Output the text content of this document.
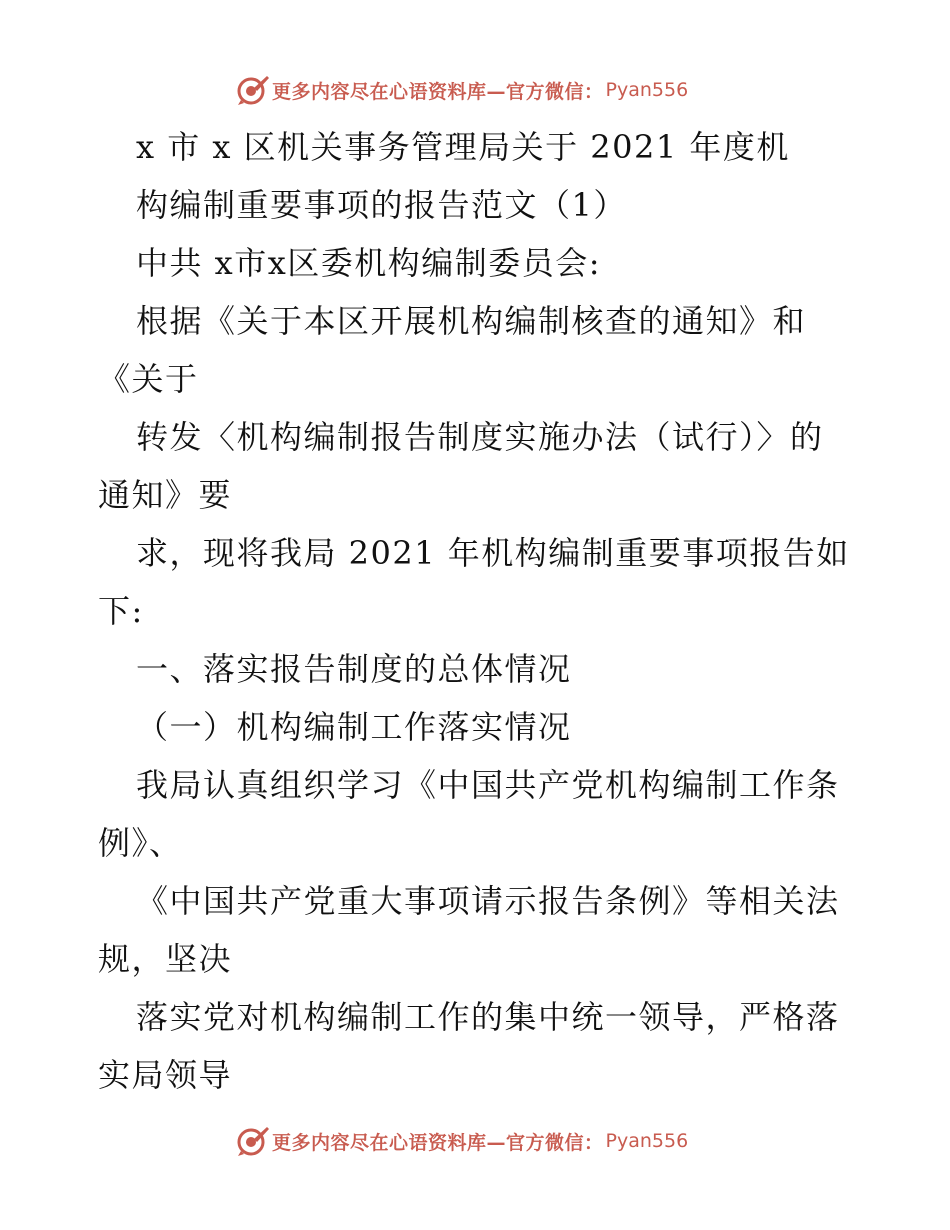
更多内容尽在心语资料库—官方微信： Pyan556
x 市 x 区机关事务管理局关于 2021 年度机
构编制重要事项的报告范文（1）
中共 x市x区委机构编制委员会:
根据《关于本区开展机构编制核查的通知》和
《关于
转发〈机构编制报告制度实施办法（试行）〉的
通知》要
求，现将我局 2021 年机构编制重要事项报告如
下:
一、落实报告制度的总体情况
（一）机构编制工作落实情况
我局认真组织学习《中国共产党机构编制工作条
例》、
《中国共产党重大事项请示报告条例》等相关法
规，坚决
落实党对机构编制工作的集中统一领导，严格落
实局领导
更多内容尽在心语资料库—官方微信： Pyan556
